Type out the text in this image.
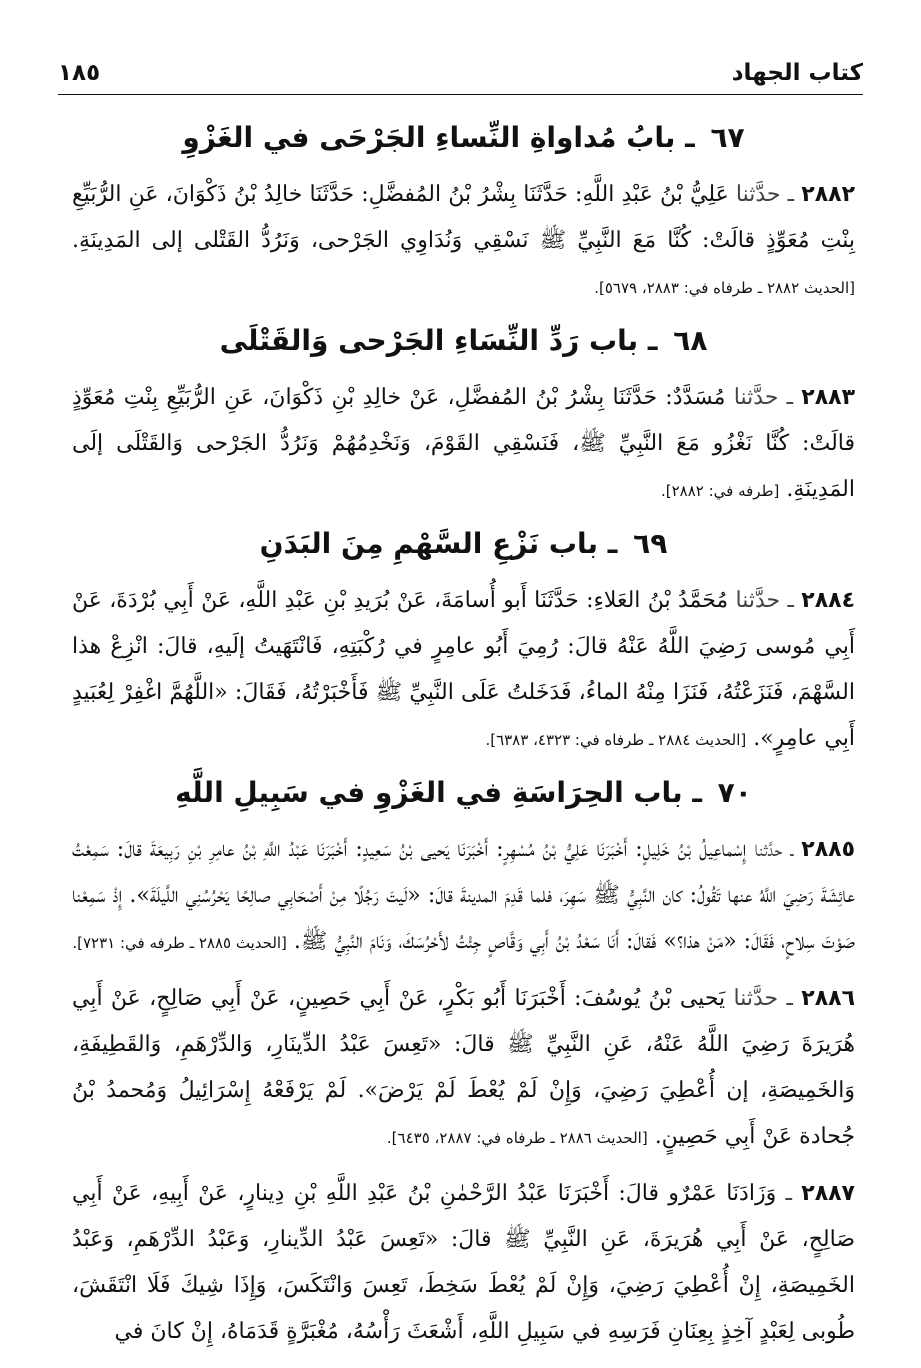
كتاب الجهاد
١٨٥
٦٧ ـ بابُ مُداواةِ النِّساءِ الجَرْحَى في الغَزْوِ

٢٨٨٢ ـ حدَّثنا عَلِيُّ بْنُ عَبْدِ اللَّهِ: حَدَّثَنَا بِشْرُ بْنُ المُفضَّلِ: حَدَّثَنَا خالِدُ بْنُ ذَكْوَانَ، عَنِ الرُّبَيِّعِ بِنْتِ مُعَوِّذٍ قالَتْ: كُنَّا مَعَ النَّبِيِّ ﷺ نَسْقِي وَنُدَاوِي الجَرْحى، وَنَرُدُّ القَتْلى إلى المَدِينَةِ. [الحديث ٢٨٨٢ ـ طرفاه في: ٢٨٨٣، ٥٦٧٩].

٦٨ ـ باب رَدِّ النِّسَاءِ الجَرْحى وَالقَتْلَى

٢٨٨٣ ـ حدَّثنا مُسَدَّدٌ: حَدَّثَنَا بِشْرُ بْنُ المُفضَّلِ، عَنْ خالِدِ بْنِ ذَكْوَانَ، عَنِ الرُّبَيِّعِ بِنْتِ مُعَوِّذٍ قالَتْ: كُنَّا نَغْزُو مَعَ النَّبِيِّ ﷺ، فَنَسْقِي القَوْمَ، وَنَخْدِمُهُمْ وَنَرُدُّ الجَرْحى وَالقَتْلَى إلَى المَدِينَةِ. [طرفه في: ٢٨٨٢].

٦٩ ـ باب نَزْعِ السَّهْمِ مِنَ البَدَنِ

٢٨٨٤ ـ حدَّثنا مُحَمَّدُ بْنُ العَلاءِ: حَدَّثَنَا أَبو أُسامَةَ، عَنْ بُرَيدِ بْنِ عَبْدِ اللَّهِ، عَنْ أَبِي بُرْدَةَ، عَنْ أَبِي مُوسى رَضِيَ اللَّهُ عَنْهُ قالَ: رُمِيَ أَبُو عامِرٍ في رُكْبَتِهِ، فَانْتَهَيتُ إلَيهِ، قالَ: انْزِعْ هذا السَّهْمَ، فَنَزَعْتُهُ، فَنَزَا مِنْهُ الماءُ، فَدَخَلتُ عَلَى النَّبِيِّ ﷺ فَأَخْبَرْتُهُ، فَقَالَ: «اللَّهُمَّ اغْفِرْ لِعُبَيدٍ أَبِي عامِرٍ». [الحديث ٢٨٨٤ ـ طرفاه في: ٤٣٢٣، ٦٣٨٣].

٧٠ ـ باب الحِرَاسَةِ في الغَزْوِ في سَبِيلِ اللَّهِ

٢٨٨٥ ـ حدَّثنا إِسْماعِيلُ بْنُ خَلِيلٍ: أَخْبَرَنَا عَلِيُّ بْنُ مُسْهِرٍ: أَخْبَرَنَا يَحيى بْنُ سَعِيدٍ: أَخْبَرَنَا عَبْدُ اللَّهِ بْنُ عامِرِ بْنِ رَبِيعَةَ قالَ: سَمِعْتُ عائِشَةَ رَضِيَ اللَّهُ عنها تَقُولُ: كان النَّبِيُّ ﷺ سَهِرَ، فلما قَدِمَ المدينةَ قالَ: «لَيتَ رَجُلًا مِنْ أَصْحَابِي صالِحًا يَحْرُسُنِي اللَّيلَةَ». إِذْ سَمِعْنا صَوْتَ سِلاحٍ، فَقَالَ: «مَنْ هذا؟» فَقالَ: أَنَا سَعْدُ بْنُ أَبِي وَقَّاصٍ جِئْتُ لأَحْرُسَكَ، وَنَامَ النَّبِيُّ ﷺ. [الحديث ٢٨٨٥ ـ طرفه في: ٧٢٣١].

٢٨٨٦ ـ حدَّثنا يَحيى بْنُ يُوسُفَ: أَخْبَرَنَا أَبُو بَكْرٍ، عَنْ أَبِي حَصِينٍ، عَنْ أَبِي صَالِحٍ، عَنْ أَبِي هُرَيرَةَ رَضِيَ اللَّهُ عَنْهُ، عَنِ النَّبِيِّ ﷺ قالَ: «تَعِسَ عَبْدُ الدِّينَارِ، وَالدِّرْهَمِ، وَالقَطِيفَةِ، وَالخَمِيصَةِ، إن أُعْطِيَ رَضِيَ، وَإِنْ لَمْ يُعْطَ لَمْ يَرْضَ». لَمْ يَرْفَعْهُ إِسْرَائِيلُ وَمُحمدُ بْنُ جُحادة عَنْ أَبِي حَصِينٍ. [الحديث ٢٨٨٦ ـ طرفاه في: ٢٨٨٧، ٦٤٣٥].

٢٨٨٧ ـ وَزَادَنَا عَمْرٌو قالَ: أَخْبَرَنَا عَبْدُ الرَّحْمٰنِ بْنُ عَبْدِ اللَّهِ بْنِ دِينارٍ، عَنْ أَبِيهِ، عَنْ أَبِي صَالِحٍ، عَنْ أَبِي هُرَيرَةَ، عَنِ النَّبِيِّ ﷺ قالَ: «تَعِسَ عَبْدُ الدِّينارِ، وَعَبْدُ الدِّرْهَمِ، وَعَبْدُ الخَمِيصَةِ، إِنْ أُعْطِيَ رَضِيَ، وَإِنْ لَمْ يُعْطَ سَخِطَ، تَعِسَ وَانْتَكَسَ، وَإِذَا شِيكَ فَلَا انْتَقَشَ، طُوبى لِعَبْدٍ آخِذٍ بِعِنَانِ فَرَسِهِ في سَبِيلِ اللَّهِ، أَشْعَثَ رَأْسُهُ، مُغْبَرَّةٍ قَدَمَاهُ، إِنْ كانَ في
